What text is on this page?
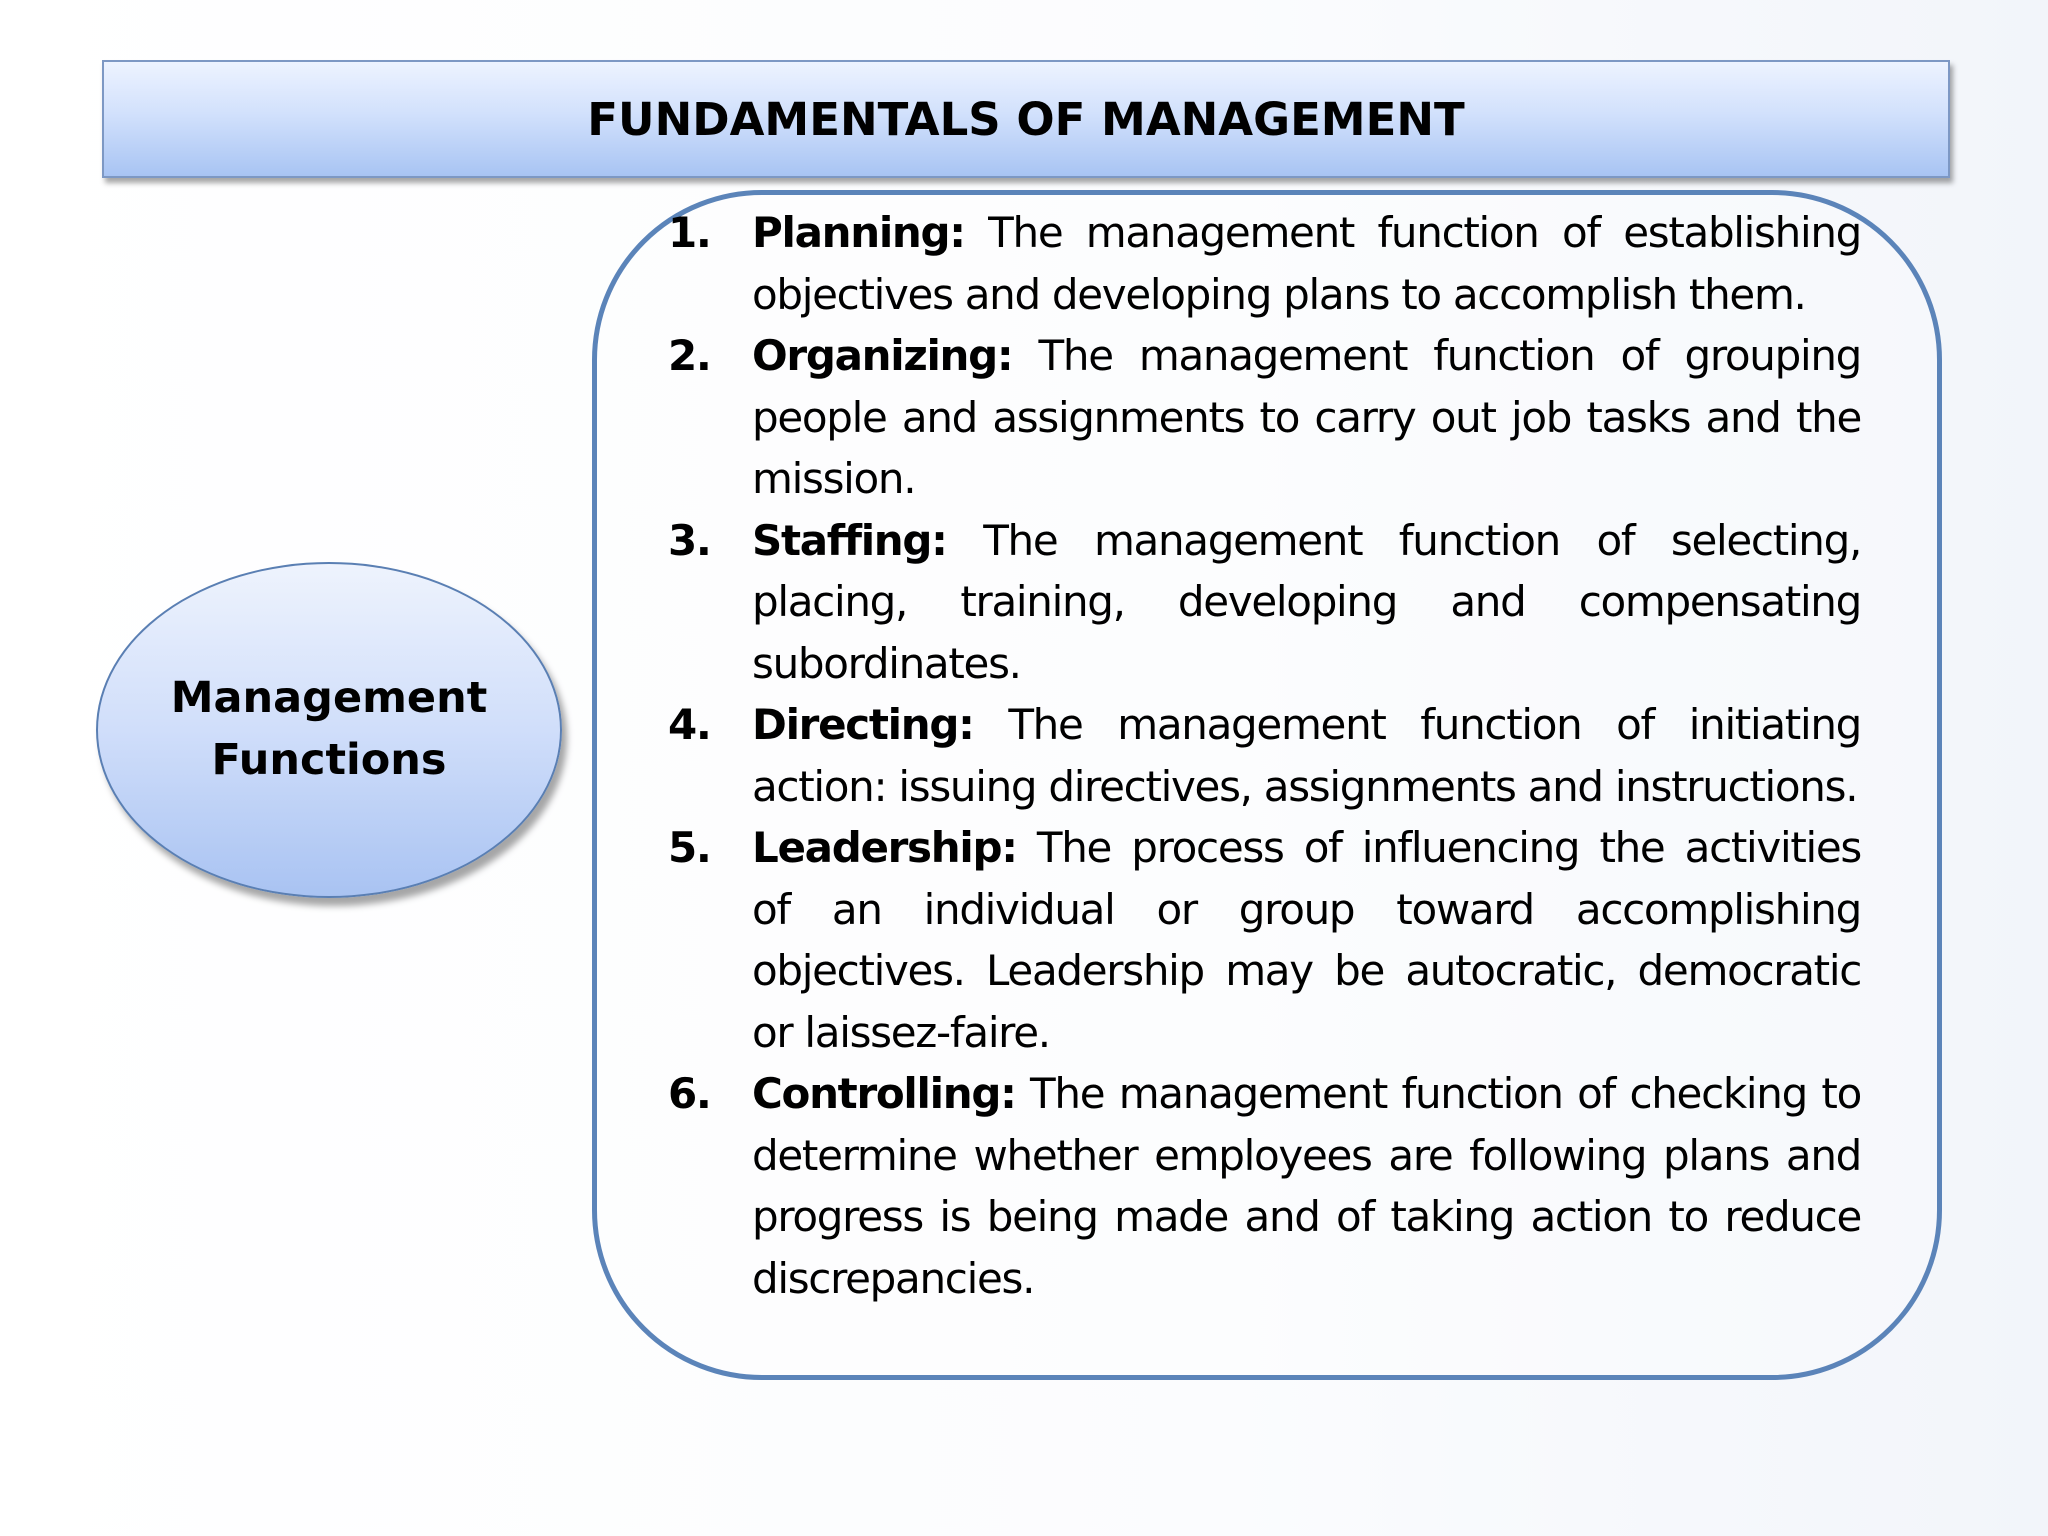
FUNDAMENTALS OF MANAGEMENT
Management Functions
1. Planning: The management function of establishing objectives and developing plans to accomplish them.
2. Organizing: The management function of grouping people and assignments to carry out job tasks and the mission.
3. Staffing: The management function of selecting, placing, training, developing and compensating subordinates.
4. Directing: The management function of initiating action: issuing directives, assignments and instructions.
5. Leadership: The process of influencing the activities of an individual or group toward accomplishing objectives. Leadership may be autocratic, democratic or laissez-faire.
6. Controlling: The management function of checking to determine whether employees are following plans and progress is being made and of taking action to reduce discrepancies.
